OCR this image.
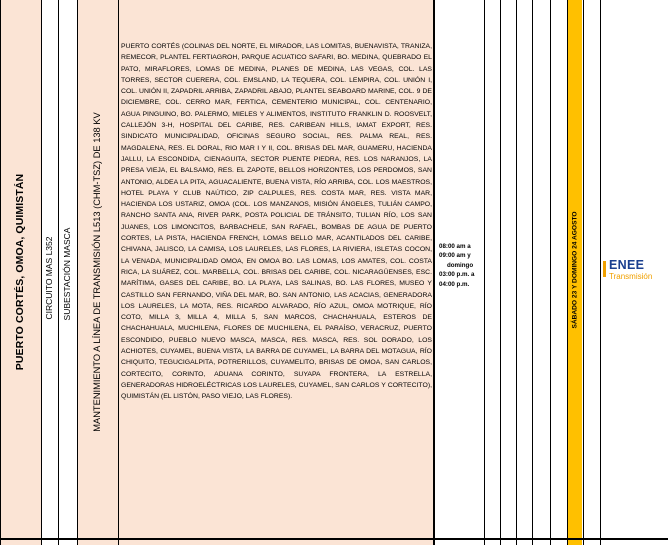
PUERTO CORTÉS, OMOA, QUIMISTÁN CIRCUITO MAS L352 SUBESTACIÓN MASCA MANTENIMIENTO A LÍNEA DE TRANSMISIÓN L513 (CHM-TSZ) DE 138 KV	SÁBADO 23 Y DOMINGO 24 AGOSTO
PUERTO CORTÉS (COLINAS DEL NORTE, EL MIRADOR, LAS LOMITAS, BUENAVISTA, TRANIZA, REMECOR, PLANTEL FERTIAGROH, PARQUE ACUATICO SAFARI, BO. MEDINA, QUEBRADO EL PATO, MIRAFLORES, LOMAS DE MEDINA, PLANES DE MEDINA, LAS VEGAS, COL. LAS TORRES, SECTOR CUERERA, COL. EMSLAND, LA TEQUERA, COL. LEMPIRA, COL. UNIÓN I, COL. UNIÓN II, ZAPADRIL ARRIBA, ZAPADRIL ABAJO, PLANTEL SEABOARD MARINE, COL. 9 DE DICIEMBRE, COL. CERRO MAR, FERTICA, CEMENTERIO MUNICIPAL, COL. CENTENARIO, AGUA PINGUINO, BO. PALERMO, MIELES Y ALIMENTOS, INSTITUTO FRANKLIN D. ROOSVELT, CALLEJÓN 3-H, HOSPITAL DEL CARIBE, RES. CARIBEAN HILLS, IAMAT EXPORT, RES. SINDICATO MUNICIPALIDAD, OFICINAS SEGURO SOCIAL, RES. PALMA REAL, RES. MAGDALENA, RES. EL DORAL, RIO MAR I Y II, COL. BRISAS DEL MAR, GUAMERU, HACIENDA JALLU, LA ESCONDIDA, CIENAGUITA, SECTOR PUENTE PIEDRA, RES. LOS NARANJOS, LA PRESA VIEJA, EL BALSAMO, RES. EL ZAPOTE, BELLOS HORIZONTES, LOS PERDOMOS, SAN ANTONIO, ALDEA LA PITA, AGUACALIENTE, BUENA VISTA, RÍO ARRIBA, COL. LOS MAESTROS, HOTEL PLAYA Y CLUB NAÚTICO, ZIP CALPULES, RES. COSTA MAR, RES. VISTA MAR, HACIENDA LOS USTARIZ, OMOA (COL. LOS MANZANOS, MISIÓN ÁNGELES, TULIÁN CAMPO, RANCHO SANTA ANA, RIVER PARK, POSTA POLICIAL DE TRÁNSITO, TULIAN RÍO, LOS SAN JUANES, LOS LIMONCITOS, BARBACHELE, SAN RAFAEL, BOMBAS DE AGUA DE PUERTO CORTES, LA PISTA, HACIENDA FRENCH, LOMAS BELLO MAR, ACANTILADOS DEL CARIBE, CHIVANA, JALISCO, LA CAMISA, LOS LAURELES, LAS FLORES, LA RIVIERA, ISLETAS COCON, LA VENADA, MUNICIPALIDAD OMOA, EN OMOA BO. LAS LOMAS, LOS AMATES, COL. COSTA RICA, LA SUÁREZ, COL. MARBELLA, COL. BRISAS DEL CARIBE, COL. NICARAGÜENSES, ESC. MARÍTIMA, GASES DEL CARIBE, BO. LA PLAYA, LAS SALINAS, BO. LAS FLORES, MUSEO Y CASTILLO SAN FERNANDO, VIÑA DEL MAR, BO. SAN ANTONIO, LAS ACACIAS, GENERADORA LOS LAURELES, LA MOTA, RES. RICARDO ALVARADO, RÍO AZUL, OMOA MOTRIQUE, RÍO COTO, MILLA 3, MILLA 4, MILLA 5, SAN MARCOS, CHACHAHUALA, ESTEROS DE CHACHAHUALA, MUCHILENA, FLORES DE MUCHILENA, EL PARAÍSO, VERACRUZ, PUERTO ESCONDIDO, PUEBLO NUEVO MASCA, MASCA, RES. MASCA, RES. SOL DORADO, LOS ACHIOTES, CUYAMEL, BUENA VISTA, LA BARRA DE CUYAMEL, LA BARRA DEL MOTAGUA, RÍO CHIQUITO, TEGUCIGALPITA, POTRERILLOS, CUYAMELITO, BRISAS DE OMOA, SAN CARLOS, CORTECITO, CORINTO, ADUANA CORINTO, SUYAPA FRONTERA, LA ESTRELLA, GENERADORAS HIDROELÉCTRICAS LOS LAURELES, CUYAMEL, SAN CARLOS Y CORTECITO), QUIMISTÁN (EL LISTÓN, PASO VIEJO, LAS FLORES).
08:00 am a
09:00 am y
domingo
03:00 p.m. a
04:00 p.m.
ENEE
Transmisión
